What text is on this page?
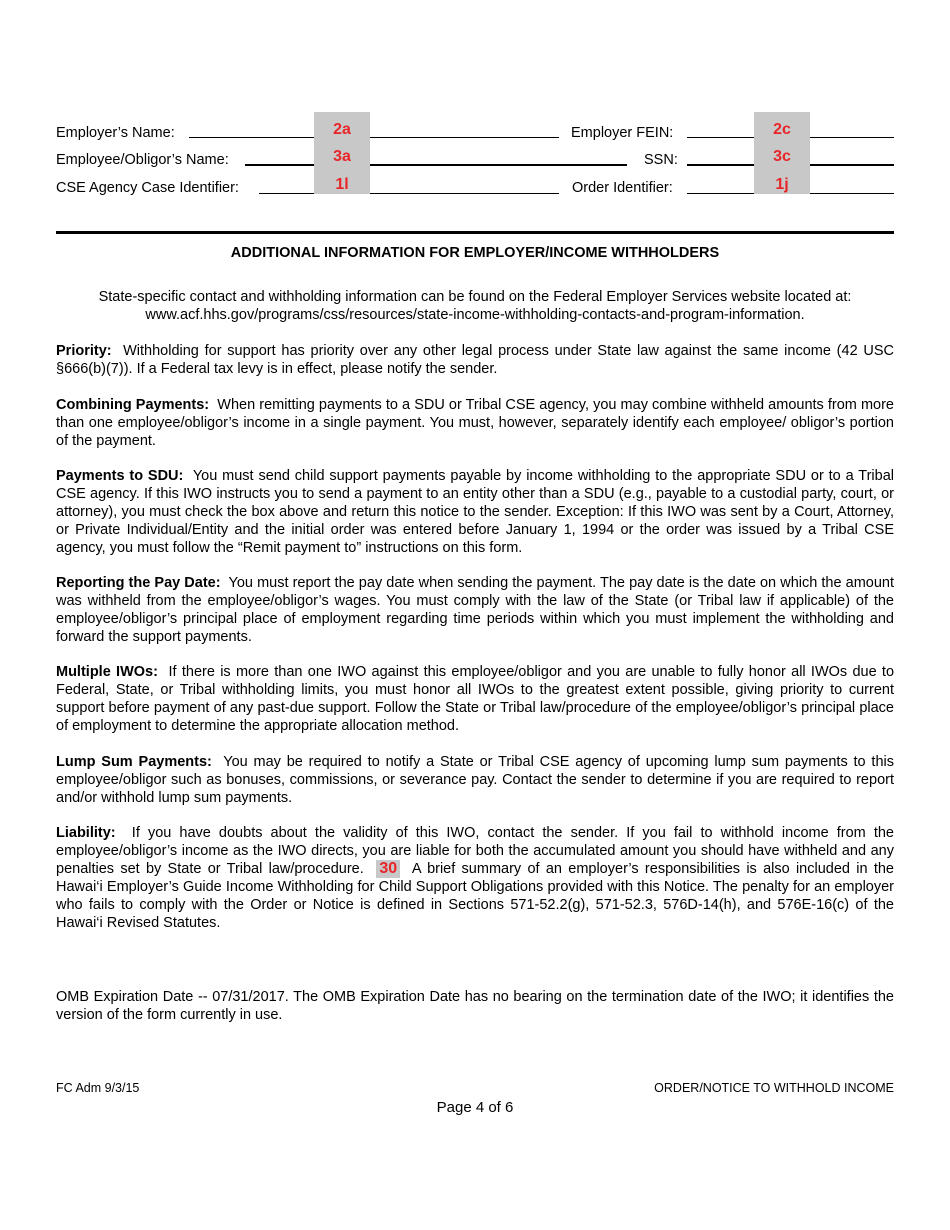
Employer’s Name:	2a	Employer FEIN:	2c
Employee/Obligor’s Name:	3a	SSN:	3c
CSE Agency Case Identifier:	1l	Order Identifier:	1j
ADDITIONAL INFORMATION FOR EMPLOYER/INCOME WITHHOLDERS
State-specific contact and withholding information can be found on the Federal Employer Services website located at:
www.acf.hhs.gov/programs/css/resources/state-income-withholding-contacts-and-program-information.
Priority: Withholding for support has priority over any other legal process under State law against the same income (42 USC §666(b)(7)). If a Federal tax levy is in effect, please notify the sender.
Combining Payments: When remitting payments to a SDU or Tribal CSE agency, you may combine withheld amounts from more than one employee/obligor’s income in a single payment. You must, however, separately identify each employee/ obligor’s portion of the payment.
Payments to SDU: You must send child support payments payable by income withholding to the appropriate SDU or to a Tribal CSE agency. If this IWO instructs you to send a payment to an entity other than a SDU (e.g., payable to a custodial party, court, or attorney), you must check the box above and return this notice to the sender. Exception: If this IWO was sent by a Court, Attorney, or Private Individual/Entity and the initial order was entered before January 1, 1994 or the order was issued by a Tribal CSE agency, you must follow the “Remit payment to” instructions on this form.
Reporting the Pay Date: You must report the pay date when sending the payment. The pay date is the date on which the amount was withheld from the employee/obligor’s wages. You must comply with the law of the State (or Tribal law if applicable) of the employee/obligor’s principal place of employment regarding time periods within which you must implement the withholding and forward the support payments.
Multiple IWOs: If there is more than one IWO against this employee/obligor and you are unable to fully honor all IWOs due to Federal, State, or Tribal withholding limits, you must honor all IWOs to the greatest extent possible, giving priority to current support before payment of any past-due support. Follow the State or Tribal law/procedure of the employee/obligor’s principal place of employment to determine the appropriate allocation method.
Lump Sum Payments: You may be required to notify a State or Tribal CSE agency of upcoming lump sum payments to this employee/obligor such as bonuses, commissions, or severance pay. Contact the sender to determine if you are required to report and/or withhold lump sum payments.
Liability: If you have doubts about the validity of this IWO, contact the sender. If you fail to withhold income from the employee/obligor’s income as the IWO directs, you are liable for both the accumulated amount you should have withheld and any penalties set by State or Tribal law/procedure. 30 A brief summary of an employer’s responsibilities is also included in the Hawai‘i Employer’s Guide Income Withholding for Child Support Obligations provided with this Notice. The penalty for an employer who fails to comply with the Order or Notice is defined in Sections 571-52.2(g), 571-52.3, 576D-14(h), and 576E-16(c) of the Hawai‘i Revised Statutes.
OMB Expiration Date -- 07/31/2017. The OMB Expiration Date has no bearing on the termination date of the IWO; it identifies the version of the form currently in use.
FC Adm 9/3/15	ORDER/NOTICE TO WITHHOLD INCOME
Page 4 of 6
